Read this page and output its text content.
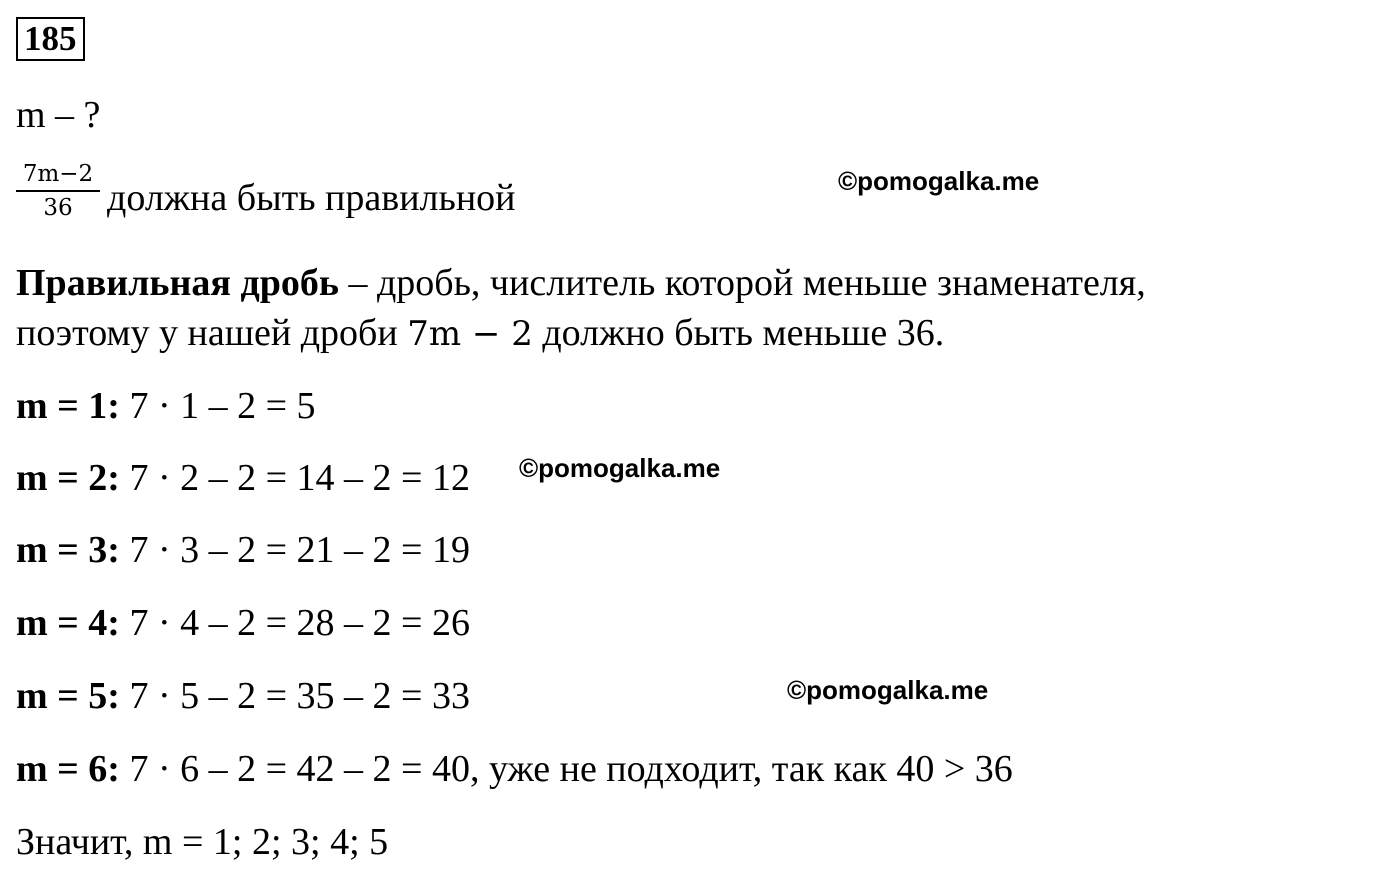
185
m – ?
7m−2
36 должна быть правильной
Правильная дробь – дробь, числитель которой меньше знаменателя,
поэтому у нашей дроби 7m − 2 должно быть меньше 36.
m = 1: 7 · 1 – 2 = 5
m = 2: 7 · 2 – 2 = 14 – 2 = 12
m = 3: 7 · 3 – 2 = 21 – 2 = 19
m = 4: 7 · 4 – 2 = 28 – 2 = 26
m = 5: 7 · 5 – 2 = 35 – 2 = 33
m = 6: 7 · 6 – 2 = 42 – 2 = 40, уже не подходит, так как 40 > 36
Значит, m = 1; 2; 3; 4; 5
©pomogalka.me
©pomogalka.me
©pomogalka.me
